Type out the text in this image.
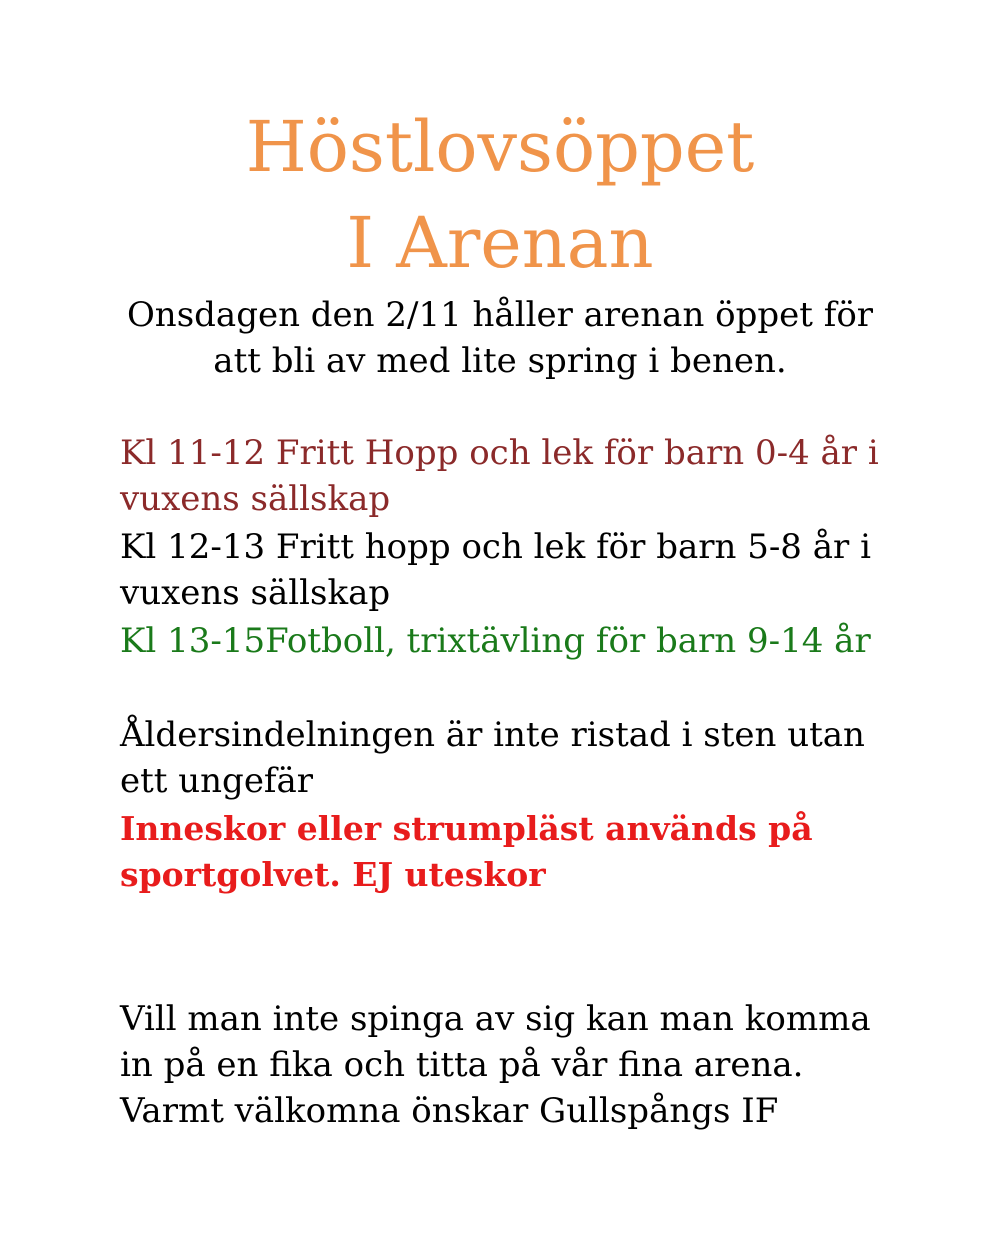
Höstlovsöppet
I Arenan

Onsdagen den 2/11 håller arenan öppet för
att bli av med lite spring i benen.

Kl 11-12 Fritt Hopp och lek för barn 0-4 år i
vuxens sällskap

Kl 12-13 Fritt hopp och lek för barn 5-8 år i
vuxens sällskap

Kl 13-15Fotboll, trixtävling för barn 9-14 år

Åldersindelningen är inte ristad i sten utan
ett ungefär

Inneskor eller strumpläst används på
sportgolvet. EJ uteskor

Vill man inte spinga av sig kan man komma
in på en fika och titta på vår fina arena.
Varmt välkomna önskar Gullspångs IF
